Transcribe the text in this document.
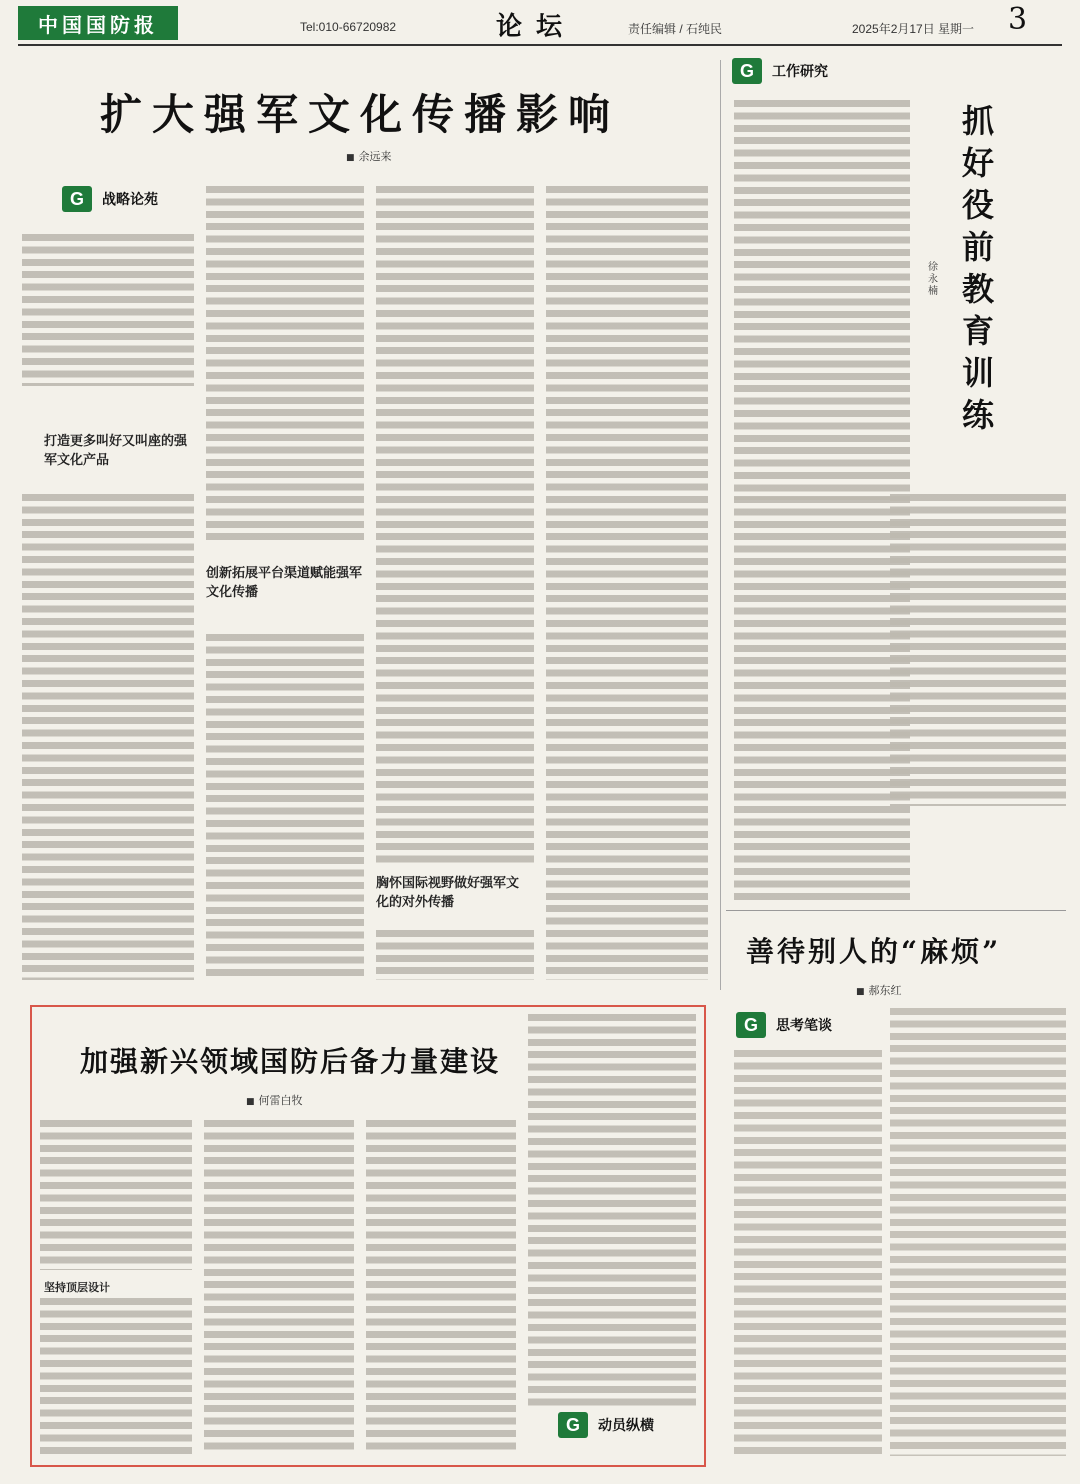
中国国防报	Tel:010-66720982	论坛	责任编辑 / 石纯民	2025年2月17日 星期一 3
扩大强军文化传播影响
■ 余远来
G	战略论苑
打造更多叫好又叫座的强军文化产品
创新拓展平台渠道赋能强军文化传播
胸怀国际视野做好强军文化的对外传播
G	工作研究
抓好役前教育训练
徐永楠
善待别人的“麻烦”
■ 郝东红
G	思考笔谈
加强新兴领域国防后备力量建设
■ 何雷白牧
坚持顶层设计
G	动员纵横
